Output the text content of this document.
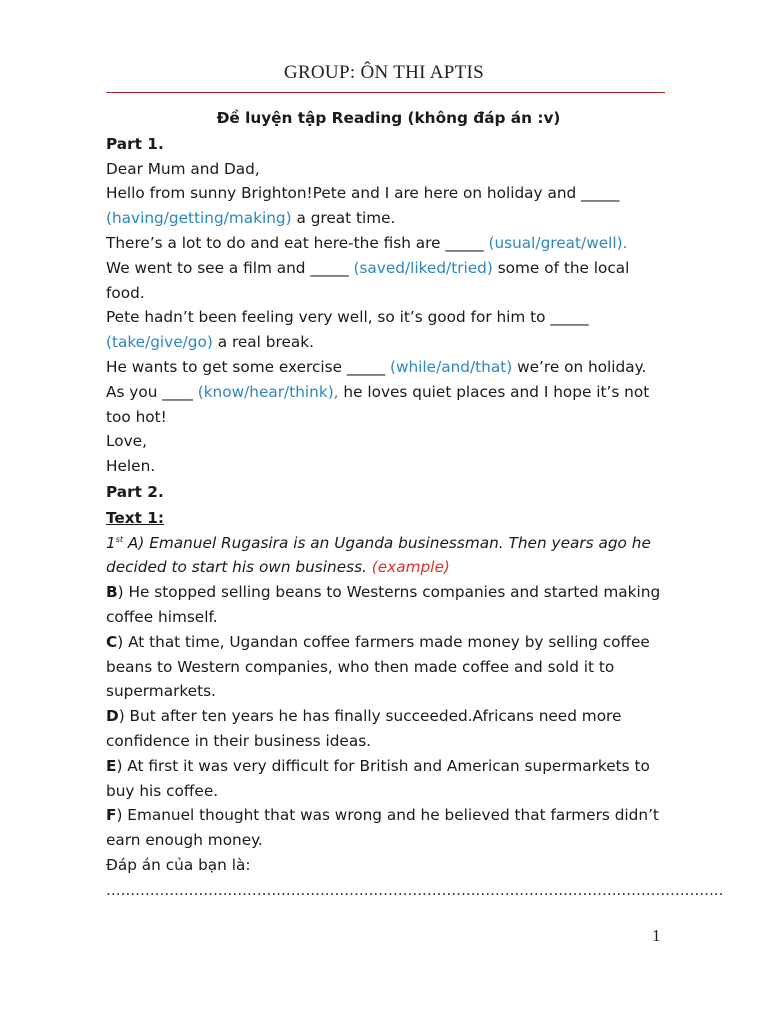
GROUP: ÔN THI APTIS
Đề luyện tập Reading (không đáp án :v)
Part 1.
Dear Mum and Dad,
Hello from sunny Brighton!Pete and I are here on holiday and _____
(having/getting/making) a great time.
There’s a lot to do and eat here-the fish are _____ (usual/great/well).
We went to see a film and _____ (saved/liked/tried) some of the local
food.
Pete hadn’t been feeling very well, so it’s good for him to _____
(take/give/go) a real break.
He wants to get some exercise _____ (while/and/that) we’re on holiday.
As you ____ (know/hear/think), he loves quiet places and I hope it’s not
too hot!
Love,
Helen.
Part 2.
Text 1:
1st A) Emanuel Rugasira is an Uganda businessman. Then years ago he
decided to start his own business. (example)
B) He stopped selling beans to Westerns companies and started making
coffee himself.
C) At that time, Ugandan coffee farmers made money by selling coffee
beans to Western companies, who then made coffee and sold it to
supermarkets.
D) But after ten years he has finally succeeded.Africans need more
confidence in their business ideas.
E) At first it was very difficult for British and American supermarkets to
buy his coffee.
F) Emanuel thought that was wrong and he believed that farmers didn’t
earn enough money.
Đáp án của bạn là:
...............................................................................................................................
1
